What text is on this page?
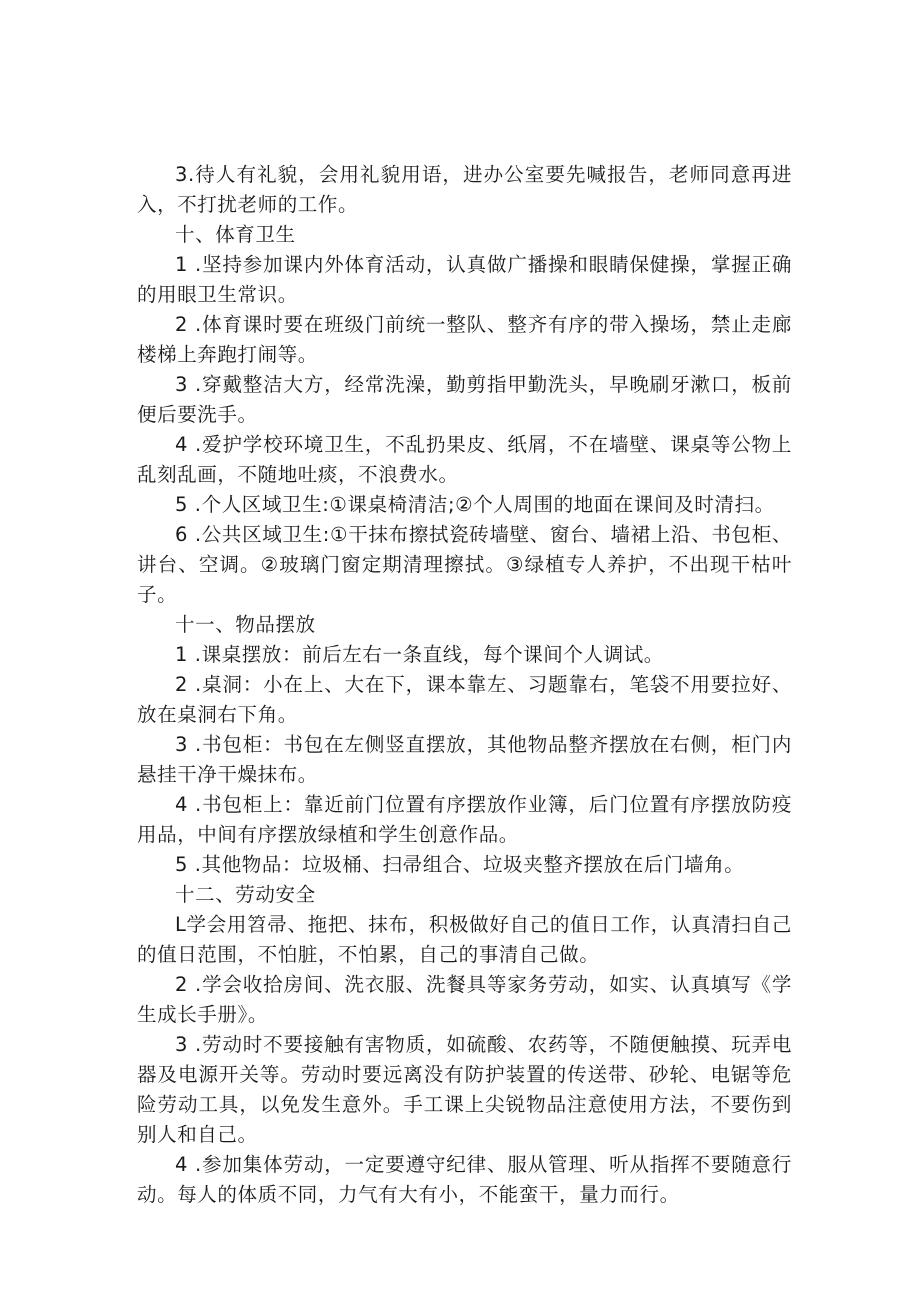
3.待人有礼貌，会用礼貌用语，进办公室要先喊报告，老师同意再进入，不打扰老师的工作。

十、体育卫生

1 .坚持参加课内外体育活动，认真做广播操和眼睛保健操，掌握正确的用眼卫生常识。

2 .体育课时要在班级门前统一整队、整齐有序的带入操场，禁止走廊楼梯上奔跑打闹等。

3 .穿戴整洁大方，经常洗澡，勤剪指甲勤洗头，早晚刷牙漱口，板前便后要洗手。

4 .爱护学校环境卫生，不乱扔果皮、纸屑，不在墙壁、课桌等公物上乱刻乱画，不随地吐痰，不浪费水。

5 .个人区域卫生:①课桌椅清洁;②个人周围的地面在课间及时清扫。

6 .公共区域卫生:①干抹布擦拭瓷砖墙壁、窗台、墙裙上沿、书包柜、讲台、空调。②玻璃门窗定期清理擦拭。③绿植专人养护，不出现干枯叶子。

十一、物品摆放

1 .课桌摆放：前后左右一条直线，每个课间个人调试。

2 .桌洞：小在上、大在下，课本靠左、习题靠右，笔袋不用要拉好、放在桌洞右下角。

3 .书包柜：书包在左侧竖直摆放，其他物品整齐摆放在右侧，柜门内悬挂干净干燥抹布。

4 .书包柜上：靠近前门位置有序摆放作业簿，后门位置有序摆放防疫用品，中间有序摆放绿植和学生创意作品。

5 .其他物品：垃圾桶、扫帚组合、垃圾夹整齐摆放在后门墙角。

十二、劳动安全

L学会用笤帚、拖把、抹布，积极做好自己的值日工作，认真清扫自己的值日范围，不怕脏，不怕累，自己的事清自己做。

2 .学会收拾房间、洗衣服、洗餐具等家务劳动，如实、认真填写《学生成长手册》。

3 .劳动时不要接触有害物质，如硫酸、农药等，不随便触摸、玩弄电器及电源开关等。劳动时要远离没有防护装置的传送带、砂轮、电锯等危险劳动工具，以免发生意外。手工课上尖锐物品注意使用方法，不要伤到别人和自己。

4 .参加集体劳动，一定要遵守纪律、服从管理、听从指挥不要随意行动。每人的体质不同，力气有大有小，不能蛮干，量力而行。
